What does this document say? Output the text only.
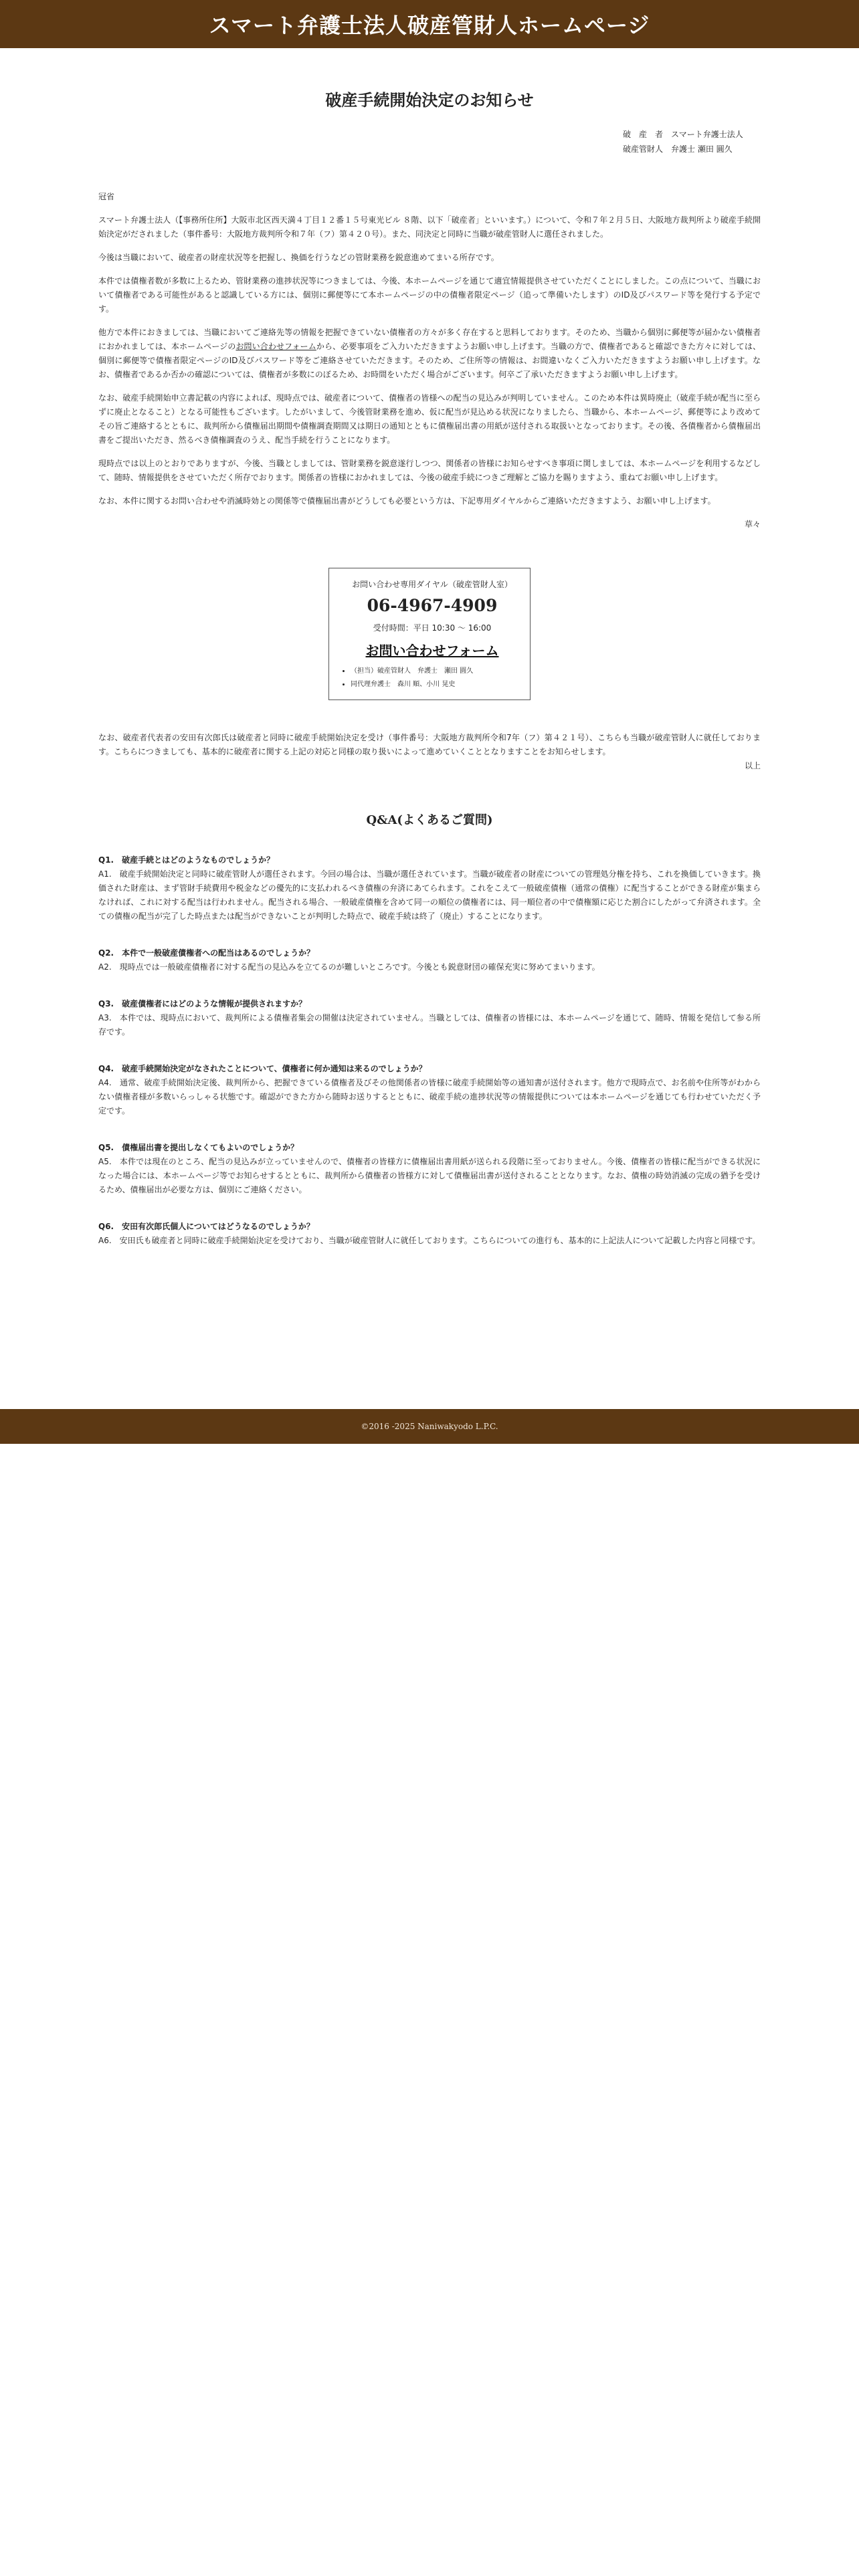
スマート弁護士法人破産管財人ホームページ
破産手続開始決定のお知らせ
破　産　者　スマート弁護士法人
破産管財人　弁護士 瀬田 圓久

冠省

スマート弁護士法人（【事務所住所】大阪市北区西天満４丁目１２番１５号東光ビル ８階、以下「破産者」といいます。）について、令和７年２月５日、大阪地方裁判所より破産手続開始決定がだされました（事件番号：大阪地方裁判所令和７年（フ）第４２０号）。また、同決定と同時に当職が破産管財人に選任されました。

今後は当職において、破産者の財産状況等を把握し、換価を行うなどの管財業務を鋭意進めてまいる所存です。

本件では債権者数が多数に上るため、管財業務の進捗状況等につきましては、今後、本ホームページを通じて適宜情報提供させていただくことにしました。この点について、当職において債権者である可能性があると認識している方には、個別に郵便等にて本ホームページの中の債権者限定ページ（追って準備いたします）のID及びパスワード等を発行する予定です。

他方で本件におきましては、当職においてご連絡先等の情報を把握できていない債権者の方々が多く存在すると思料しております。そのため、当職から個別に郵便等が届かない債権者におかれましては、本ホームページのお問い合わせフォームから、必要事項をご入力いただきますようお願い申し上げます。当職の方で、債権者であると確認できた方々に対しては、個別に郵便等で債権者限定ページのID及びパスワード等をご連絡させていただきます。そのため、ご住所等の情報は、お間違いなくご入力いただきますようお願い申し上げます。なお、債権者であるか否かの確認については、債権者が多数にのぼるため、お時間をいただく場合がございます。何卒ご了承いただきますようお願い申し上げます。

なお、破産手続開始申立書記載の内容によれば、現時点では、破産者について、債権者の皆様への配当の見込みが判明していません。このため本件は異時廃止（破産手続が配当に至らずに廃止となること）となる可能性もございます。したがいまして、今後管財業務を進め、仮に配当が見込める状況になりましたら、当職から、本ホームページ、郵便等により改めてその旨ご連絡するとともに、裁判所から債権届出期間や債権調査期間又は期日の通知とともに債権届出書の用紙が送付される取扱いとなっております。その後、各債権者から債権届出書をご提出いただき、然るべき債権調査のうえ、配当手続を行うことになります。

現時点では以上のとおりでありますが、今後、当職としましては、管財業務を鋭意遂行しつつ、関係者の皆様にお知らせすべき事項に関しましては、本ホームページを利用するなどして、随時、情報提供をさせていただく所存でおります。関係者の皆様におかれましては、今後の破産手続につきご理解とご協力を賜りますよう、重ねてお願い申し上げます。

なお、本件に関するお問い合わせや消滅時効との関係等で債権届出書がどうしても必要という方は、下記専用ダイヤルからご連絡いただきますよう、お願い申し上げます。

草々

お問い合わせ専用ダイヤル（破産管財人室）
06-4967-4909
受付時間：平日 10:30 ～ 16:00
お問い合わせフォーム
• （担当）破産管財人　弁護士　瀬田 圓久
• 同代理弁護士　森川 順、小川 晃史

なお、破産者代表者の安田有次郎氏は破産者と同時に破産手続開始決定を受け（事件番号：大阪地方裁判所令和7年（フ）第４２１号）、こちらも当職が破産管財人に就任しております。こちらにつきましても、基本的に破産者に関する上記の対応と同様の取り扱いによって進めていくこととなりますことをお知らせします。

以上

Q&A(よくあるご質問)

Q1.　破産手続とはどのようなものでしょうか？

A1.　破産手続開始決定と同時に破産管財人が選任されます。今回の場合は、当職が選任されています。当職が破産者の財産についての管理処分権を持ち、これを換価していきます。換価された財産は、まず管財手続費用や税金などの優先的に支払われるべき債権の弁済にあてられます。これをこえて一般破産債権（通常の債権）に配当することができる財産が集まらなければ、これに対する配当は行われません。配当される場合、一般破産債権を含めて同一の順位の債権者には、同一順位者の中で債権額に応じた割合にしたがって弁済されます。全ての債権の配当が完了した時点または配当ができないことが判明した時点で、破産手続は終了（廃止）することになります。

Q2.　本件で一般破産債権者への配当はあるのでしょうか？

A2.　現時点では一般破産債権者に対する配当の見込みを立てるのが難しいところです。今後とも鋭意財団の確保充実に努めてまいります。

Q3.　破産債権者にはどのような情報が提供されますか？

A3.　本件では、現時点において、裁判所による債権者集会の開催は決定されていません。当職としては、債権者の皆様には、本ホームページを通じて、随時、情報を発信して参る所存です。

Q4.　破産手続開始決定がなされたことについて、債権者に何か通知は来るのでしょうか？

A4.　通常、破産手続開始決定後、裁判所から、把握できている債権者及びその他関係者の皆様に破産手続開始等の通知書が送付されます。他方で現時点で、お名前や住所等がわからない債権者様が多数いらっしゃる状態です。確認ができた方から随時お送りするとともに、破産手続の進捗状況等の情報提供については本ホームページを通じても行わせていただく予定です。

Q5.　債権届出書を提出しなくてもよいのでしょうか？

A5.　本件では現在のところ、配当の見込みが立っていませんので、債権者の皆様方に債権届出書用紙が送られる段階に至っておりません。今後、債権者の皆様に配当ができる状況になった場合には、本ホームページ等でお知らせするとともに、裁判所から債権者の皆様方に対して債権届出書が送付されることとなります。なお、債権の時効消滅の完成の猶予を受けるため、債権届出が必要な方は、個別にご連絡ください。

Q6.　安田有次郎氏個人についてはどうなるのでしょうか？

A6.　安田氏も破産者と同時に破産手続開始決定を受けており、当職が破産管財人に就任しております。こちらについての進行も、基本的に上記法人について記載した内容と同様です。

©2016 -2025 Naniwakyodo L.P.C.
